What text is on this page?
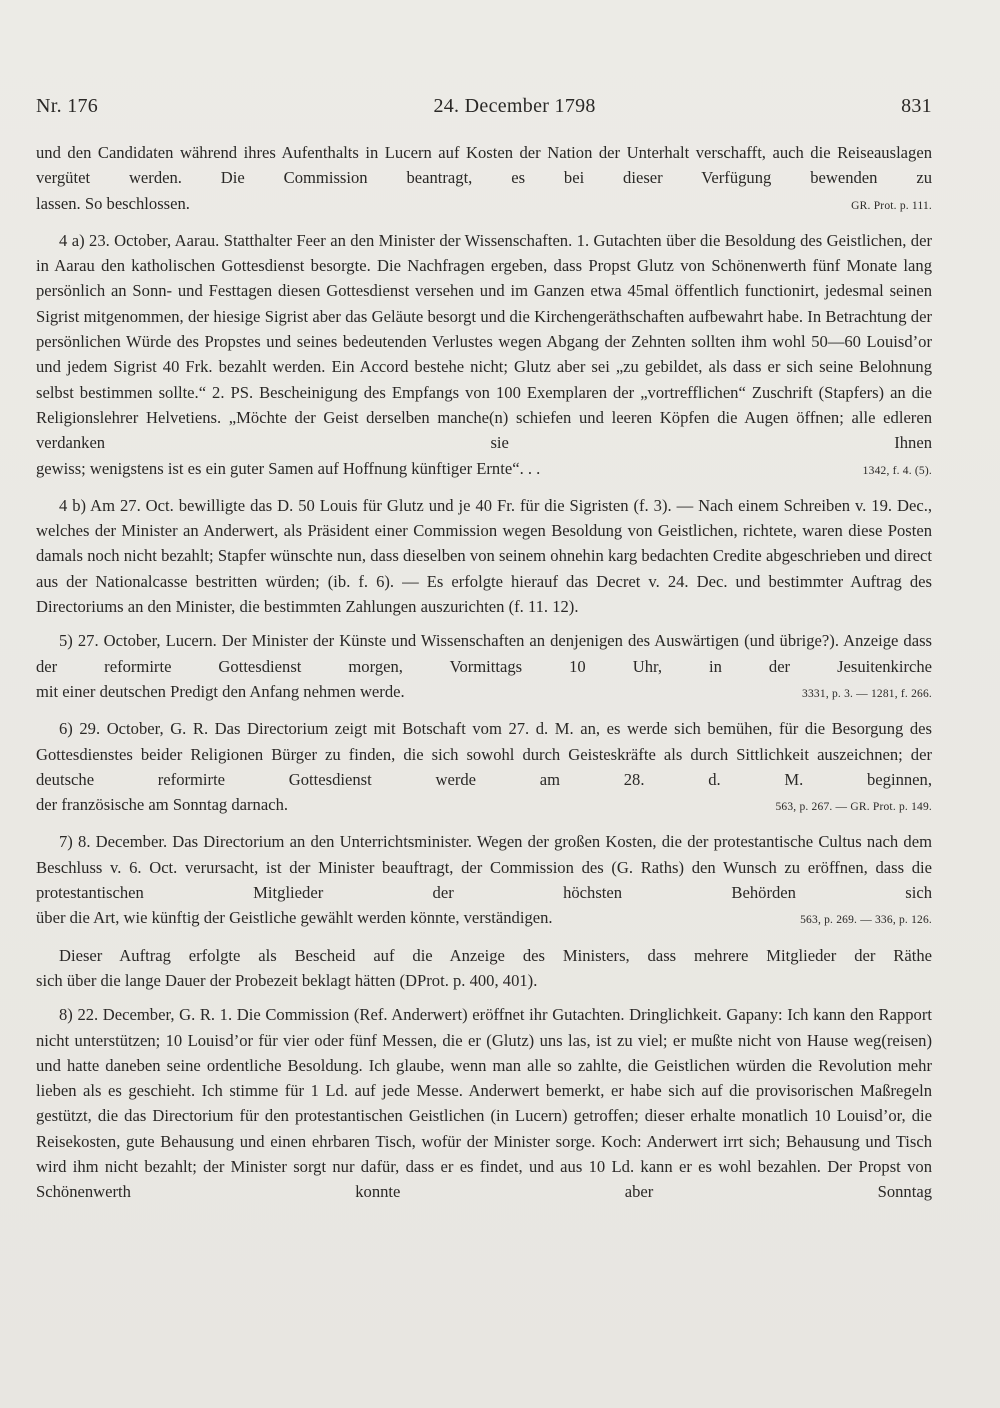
Nr. 176	24. December 1798	831

und den Candidaten während ihres Aufenthalts in Lucern auf Kosten der Nation der Unterhalt verschafft, auch die Reiseauslagen vergütet werden. Die Commission beantragt, es bei dieser Verfügung bewenden zu

lassen. So beschlossen.	GR. Prot. p. 111.

4 a) 23. October, Aarau. Statthalter Feer an den Minister der Wissenschaften. 1. Gutachten über die Besoldung des Geistlichen, der in Aarau den katholischen Gottesdienst besorgte. Die Nachfragen ergeben, dass Propst Glutz von Schönenwerth fünf Monate lang persönlich an Sonn- und Festtagen diesen Gottesdienst versehen und im Ganzen etwa 45mal öffentlich functionirt, jedesmal seinen Sigrist mitgenommen, der hiesige Sigrist aber das Geläute besorgt und die Kirchengeräthschaften aufbewahrt habe. In Betrachtung der persönlichen Würde des Propstes und seines bedeutenden Verlustes wegen Abgang der Zehnten sollten ihm wohl 50—60 Louisd’or und jedem Sigrist 40 Frk. bezahlt werden. Ein Accord bestehe nicht; Glutz aber sei „zu gebildet, als dass er sich seine Belohnung selbst bestimmen sollte.“ 2. PS. Bescheinigung des Empfangs von 100 Exemplaren der „vortrefflichen“ Zuschrift (Stapfers) an die Religionslehrer Helvetiens. „Möchte der Geist derselben manche(n) schiefen und leeren Köpfen die Augen öffnen; alle edleren verdanken sie Ihnen

gewiss; wenigstens ist es ein guter Samen auf Hoffnung künftiger Ernte“. . .	1342, f. 4. (5).

4 b) Am 27. Oct. bewilligte das D. 50 Louis für Glutz und je 40 Fr. für die Sigristen (f. 3). — Nach einem Schreiben v. 19. Dec., welches der Minister an Anderwert, als Präsident einer Commission wegen Besoldung von Geistlichen, richtete, waren diese Posten damals noch nicht bezahlt; Stapfer wünschte nun, dass dieselben von seinem ohnehin karg bedachten Credite abgeschrieben und direct aus der Nationalcasse bestritten würden; (ib. f. 6). — Es erfolgte hierauf das Decret v. 24. Dec. und bestimmter Auftrag des

Directoriums an den Minister, die bestimmten Zahlungen auszurichten (f. 11. 12).

5) 27. October, Lucern. Der Minister der Künste und Wissenschaften an denjenigen des Auswärtigen (und übrige?). Anzeige dass der reformirte Gottesdienst morgen, Vormittags 10 Uhr, in der Jesuitenkirche

mit einer deutschen Predigt den Anfang nehmen werde.	3331, p. 3. — 1281, f. 266.

6) 29. October, G. R. Das Directorium zeigt mit Botschaft vom 27. d. M. an, es werde sich bemühen, für die Besorgung des Gottesdienstes beider Religionen Bürger zu finden, die sich sowohl durch Geisteskräfte als durch Sittlichkeit auszeichnen; der deutsche reformirte Gottesdienst werde am 28. d. M. beginnen,

der französische am Sonntag darnach.	563, p. 267. — GR. Prot. p. 149.

7) 8. December. Das Directorium an den Unterrichtsminister. Wegen der großen Kosten, die der protestantische Cultus nach dem Beschluss v. 6. Oct. verursacht, ist der Minister beauftragt, der Commission des (G. Raths) den Wunsch zu eröffnen, dass die protestantischen Mitglieder der höchsten Behörden sich

über die Art, wie künftig der Geistliche gewählt werden könnte, verständigen.	563, p. 269. — 336, p. 126.

Dieser Auftrag erfolgte als Bescheid auf die Anzeige des Ministers, dass mehrere Mitglieder der Räthe

sich über die lange Dauer der Probezeit beklagt hätten (DProt. p. 400, 401).

8) 22. December, G. R. 1. Die Commission (Ref. Anderwert) eröffnet ihr Gutachten. Dringlichkeit. Gapany: Ich kann den Rapport nicht unterstützen; 10 Louisd’or für vier oder fünf Messen, die er (Glutz) uns las, ist zu viel; er mußte nicht von Hause weg(reisen) und hatte daneben seine ordentliche Besoldung. Ich glaube, wenn man alle so zahlte, die Geistlichen würden die Revolution mehr lieben als es geschieht. Ich stimme für 1 Ld. auf jede Messe. Anderwert bemerkt, er habe sich auf die provisorischen Maßregeln gestützt, die das Directorium für den protestantischen Geistlichen (in Lucern) getroffen; dieser erhalte monatlich 10 Louisd’or, die Reisekosten, gute Behausung und einen ehrbaren Tisch, wofür der Minister sorge. Koch: Anderwert irrt sich; Behausung und Tisch wird ihm nicht bezahlt; der Minister sorgt nur dafür, dass er es findet, und aus 10 Ld. kann er es wohl bezahlen. Der Propst von Schönenwerth konnte aber Sonntag
